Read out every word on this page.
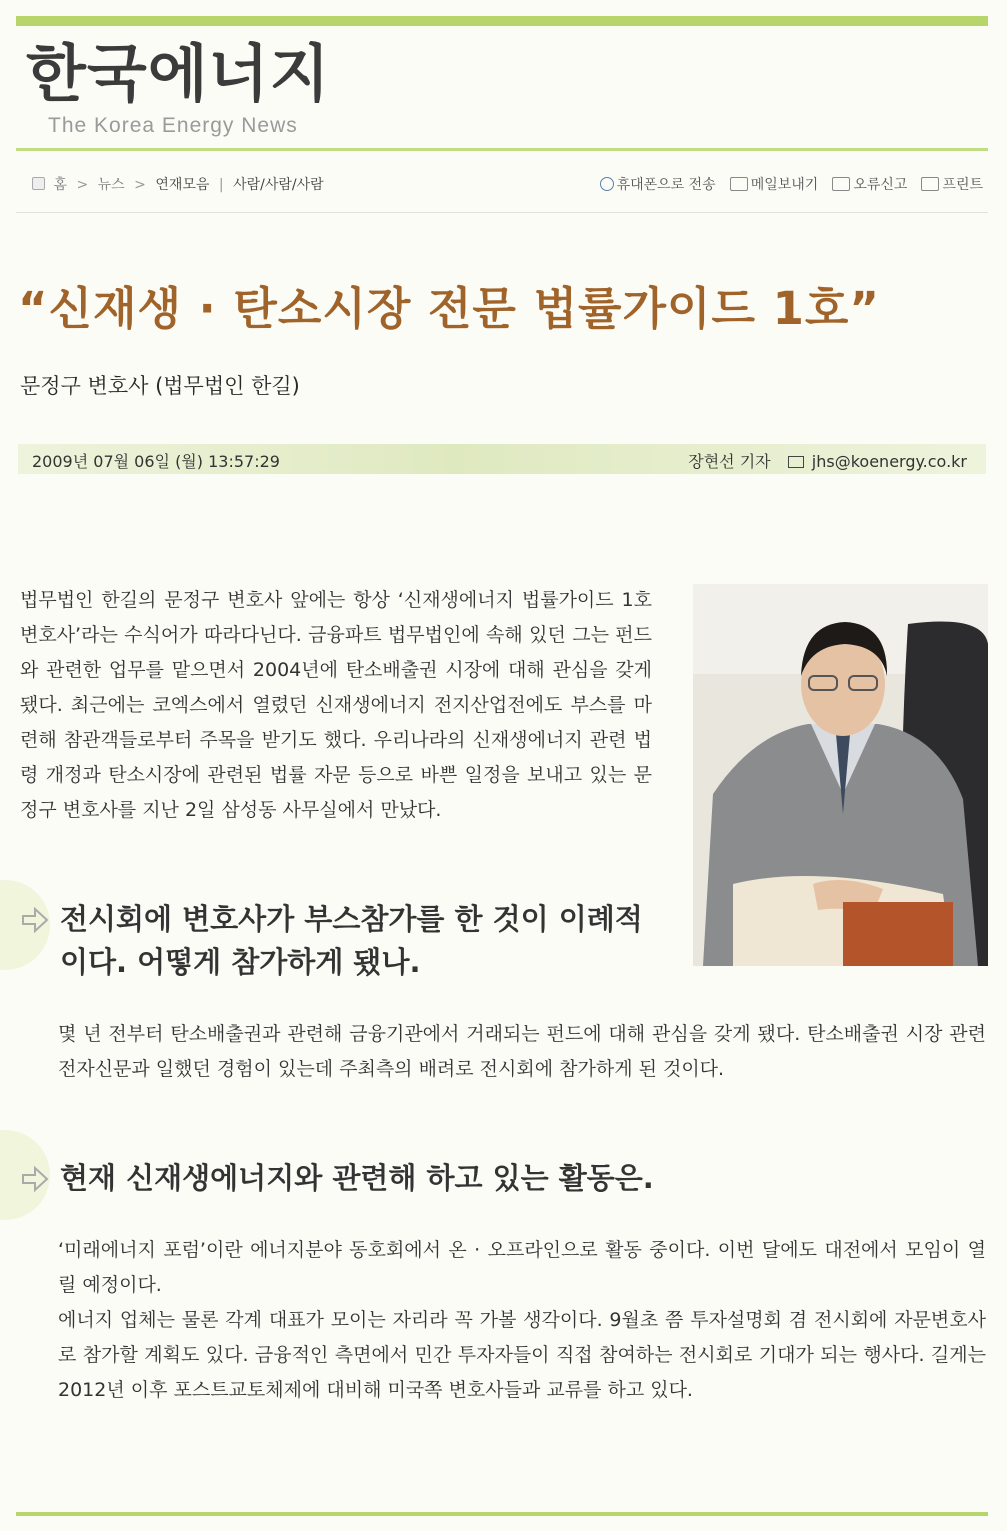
한국에너지
The Korea Energy News
홈 > 뉴스 > 연재모음 | 사람/사람/사람	휴대폰으로 전송	메일보내기	오류신고	프린트
“신재생 · 탄소시장 전문 법률가이드 1호”
문정구 변호사 (법무법인 한길)
2009년 07월 06일 (월) 13:57:29	장현선 기자	jhs@koenergy.co.kr
법무법인 한길의 문정구 변호사 앞에는 항상 ‘신재생에너지 법률가이드 1호 변호사’라는 수식어가 따라다닌다. 금융파트 법무법인에 속해 있던 그는 펀드와 관련한 업무를 맡으면서 2004년에 탄소배출권 시장에 대해 관심을 갖게 됐다. 최근에는 코엑스에서 열렸던 신재생에너지 전지산업전에도 부스를 마련해 참관객들로부터 주목을 받기도 했다. 우리나라의 신재생에너지 관련 법령 개정과 탄소시장에 관련된 법률 자문 등으로 바쁜 일정을 보내고 있는 문정구 변호사를 지난 2일 삼성동 사무실에서 만났다.
전시회에 변호사가 부스참가를 한 것이 이례적이다. 어떻게 참가하게 됐나.
몇 년 전부터 탄소배출권과 관련해 금융기관에서 거래되는 펀드에 대해 관심을 갖게 됐다. 탄소배출권 시장 관련 전자신문과 일했던 경험이 있는데 주최측의 배려로 전시회에 참가하게 된 것이다.
현재 신재생에너지와 관련해 하고 있는 활동은.
‘미래에너지 포럼’이란 에너지분야 동호회에서 온 · 오프라인으로 활동 중이다. 이번 달에도 대전에서 모임이 열릴 예정이다.
에너지 업체는 물론 각계 대표가 모이는 자리라 꼭 가볼 생각이다. 9월초 쯤 투자설명회 겸 전시회에 자문변호사로 참가할 계획도 있다. 금융적인 측면에서 민간 투자자들이 직접 참여하는 전시회로 기대가 되는 행사다. 길게는 2012년 이후 포스트교토체제에 대비해 미국쪽 변호사들과 교류를 하고 있다.
